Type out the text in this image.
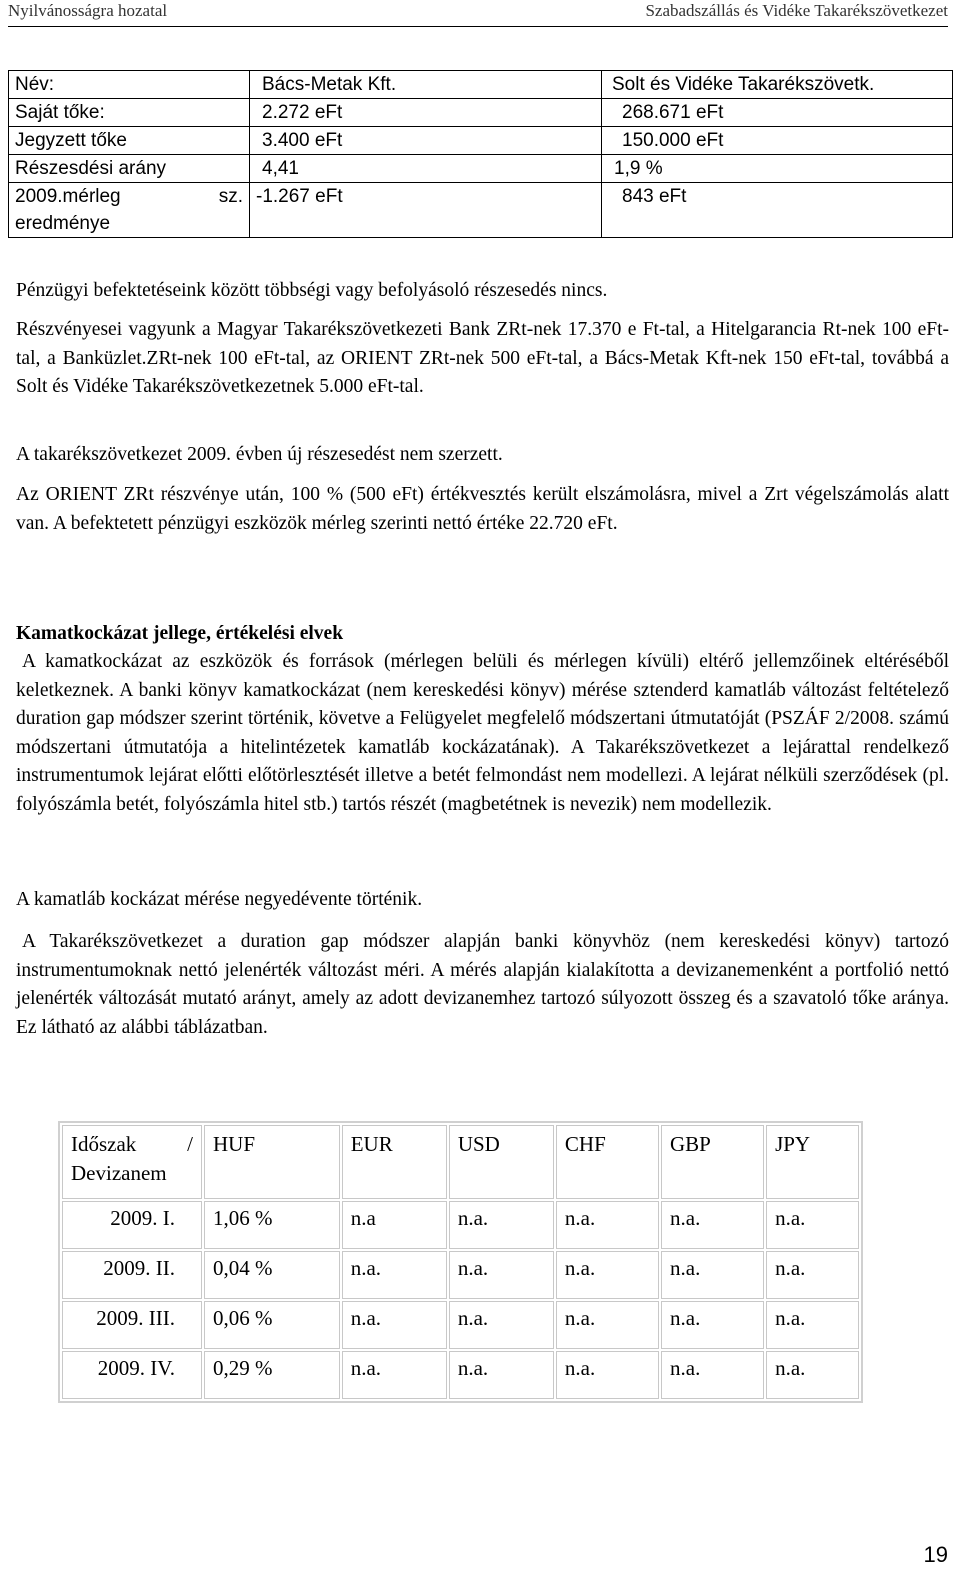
Nyilvánosságra hozatal	Szabadszállás és Vidéke Takarékszövetkezet
Név:	Bács-Metak Kft.	Solt és Vidéke Takarékszövetk.
Saját tőke:	2.272 eFt	268.671 eFt
Jegyzett tőke	3.400 eFt	150.000 eFt
Részesdési arány	4,41	1,9 %

2009.mérleg sz.
eredménye	-1.267 eFt	843 eFt

Pénzügyi befektetéseink között többségi vagy befolyásoló részesedés nincs.

Részvényesei vagyunk a Magyar Takarékszövetkezeti Bank ZRt-nek 17.370 e Ft-tal, a Hitelgarancia Rt-nek 100 eFt-tal, a Banküzlet.ZRt-nek 100 eFt-tal, az ORIENT ZRt-nek 500 eFt-tal, a Bács-Metak Kft-nek 150 eFt-tal, továbbá a Solt és Vidéke Takarékszövetkezetnek 5.000 eFt-tal.

A takarékszövetkezet 2009. évben új részesedést nem szerzett.

Az ORIENT ZRt részvénye után, 100 % (500 eFt) értékvesztés került elszámolásra, mivel a Zrt végelszámolás alatt van. A befektetett pénzügyi eszközök mérleg szerinti nettó értéke 22.720 eFt.

Kamatkockázat jellege, értékelési elvek

A kamatkockázat az eszközök és források (mérlegen belüli és mérlegen kívüli) eltérő jellemzőinek eltéréséből keletkeznek. A banki könyv kamatkockázat (nem kereskedési könyv) mérése sztenderd kamatláb változást feltételező duration gap módszer szerint történik, követve a Felügyelet megfelelő módszertani útmutatóját (PSZÁF 2/2008. számú módszertani útmutatója a hitelintézetek kamatláb kockázatának). A Takarékszövetkezet a lejárattal rendelkező instrumentumok lejárat előtti előtörlesztését illetve a betét felmondást nem modellezi. A lejárat nélküli szerződések (pl. folyószámla betét, folyószámla hitel stb.) tartós részét (magbetétnek is nevezik) nem modellezik.

A kamatláb kockázat mérése negyedévente történik.

A Takarékszövetkezet a duration gap módszer alapján banki könyvhöz (nem kereskedési könyv) tartozó instrumentumoknak nettó jelenérték változást méri. A mérés alapján kialakította a devizanemenként a portfolió nettó jelenérték változását mutató arányt, amely az adott devizanemhez tartozó súlyozott összeg és a szavatoló tőke aránya. Ez látható az alábbi táblázatban.

Időszak /
Devizanem	HUF	EUR	USD	CHF	GBP	JPY
2009. I.	1,06 %	n.a	n.a.	n.a.	n.a.	n.a.
2009. II.	0,04 %	n.a.	n.a.	n.a.	n.a.	n.a.
2009. III.	0,06 %	n.a.	n.a.	n.a.	n.a.	n.a.
2009. IV.	0,29 %	n.a.	n.a.	n.a.	n.a.	n.a.
19
